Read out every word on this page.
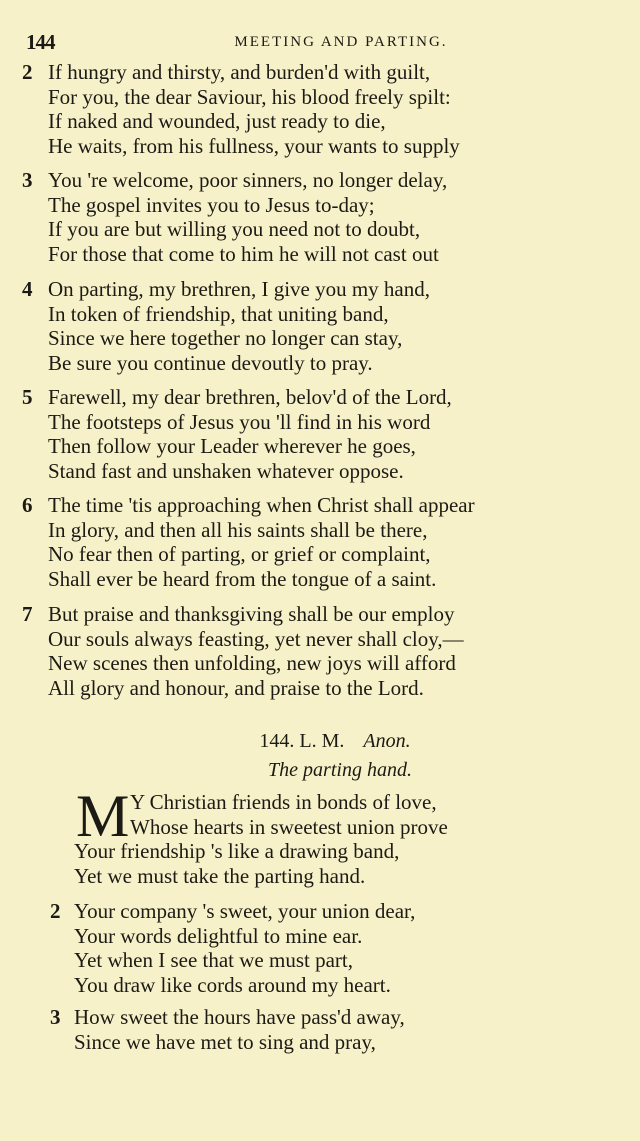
144	MEETING AND PARTING.
2 If hungry and thirsty, and burden'd with guilt,
For you, the dear Saviour, his blood freely spilt:
If naked and wounded, just ready to die,
He waits, from his fullness, your wants to supply
3 You 're welcome, poor sinners, no longer delay,
The gospel invites you to Jesus to-day;
If you are but willing you need not to doubt,
For those that come to him he will not cast out
4 On parting, my brethren, I give you my hand,
In token of friendship, that uniting band,
Since we here together no longer can stay,
Be sure you continue devoutly to pray.
5 Farewell, my dear brethren, belov'd of the Lord,
The footsteps of Jesus you 'll find in his word
Then follow your Leader wherever he goes,
Stand fast and unshaken whatever oppose.
6 The time 'tis approaching when Christ shall appear
In glory, and then all his saints shall be there,
No fear then of parting, or grief or complaint,
Shall ever be heard from the tongue of a saint.
7 But praise and thanksgiving shall be our employ
Our souls always feasting, yet never shall cloy,—
New scenes then unfolding, new joys will afford
All glory and honour, and praise to the Lord.
144. L. M. Anon.
The parting hand.
M Y Christian friends in bonds of love,
Whose hearts in sweetest union prove
Your friendship 's like a drawing band,
Yet we must take the parting hand.
2 Your company 's sweet, your union dear,
Your words delightful to mine ear.
Yet when I see that we must part,
You draw like cords around my heart.
3 How sweet the hours have pass'd away,
Since we have met to sing and pray,
